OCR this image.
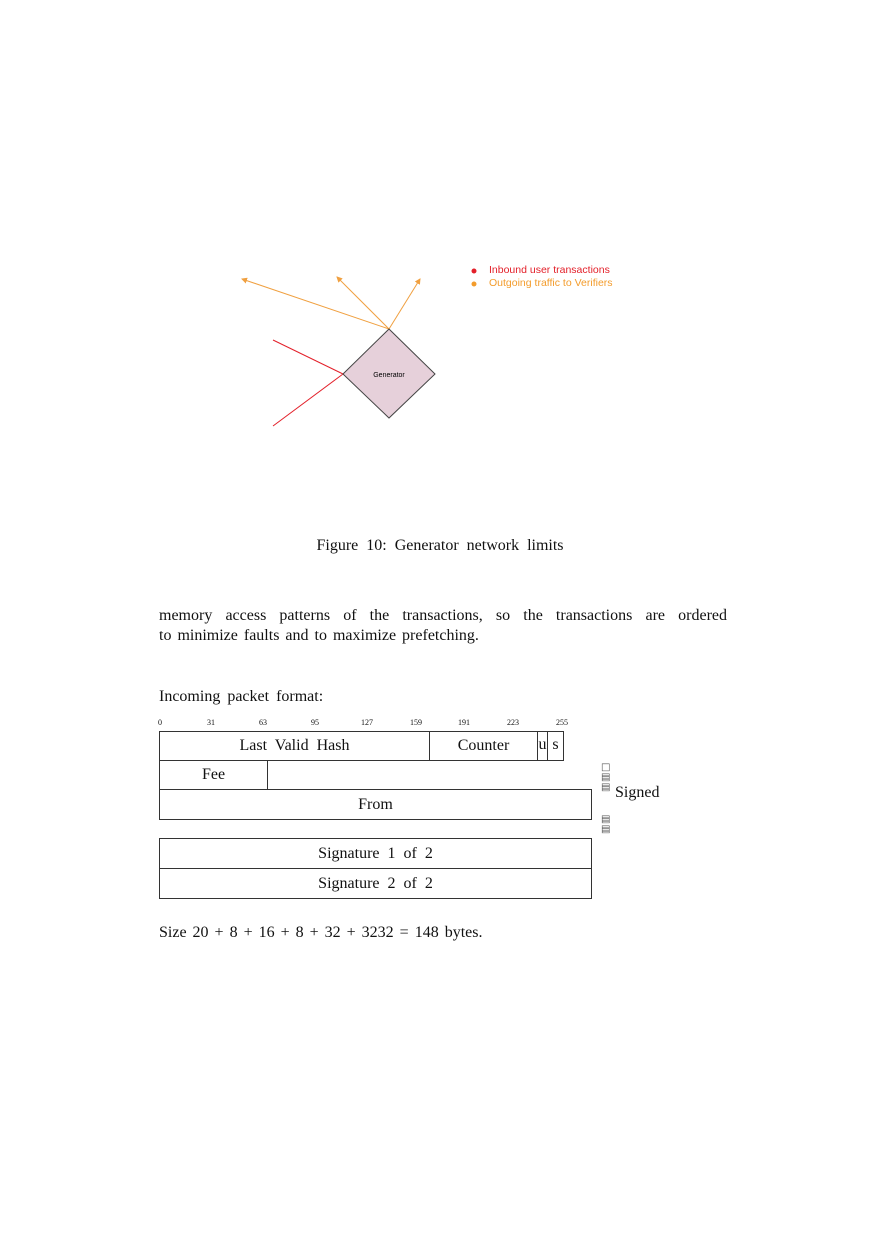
Generator
Inbound user transactions
Outgoing traffic to Verifiers
Figure 10: Generator network limits
memory access patterns of the transactions, so the transactions are ordered
to minimize faults and to maximize prefetching.
Incoming packet format:
0	31	63	95	127	159	191	223	255
Last Valid Hash	Counter	u s
Fee
From
□
▤
▤
▤
▤
Signed
Signature 1 of 2
Signature 2 of 2
Size 20 + 8 + 16 + 8 + 32 + 3232 = 148 bytes.
